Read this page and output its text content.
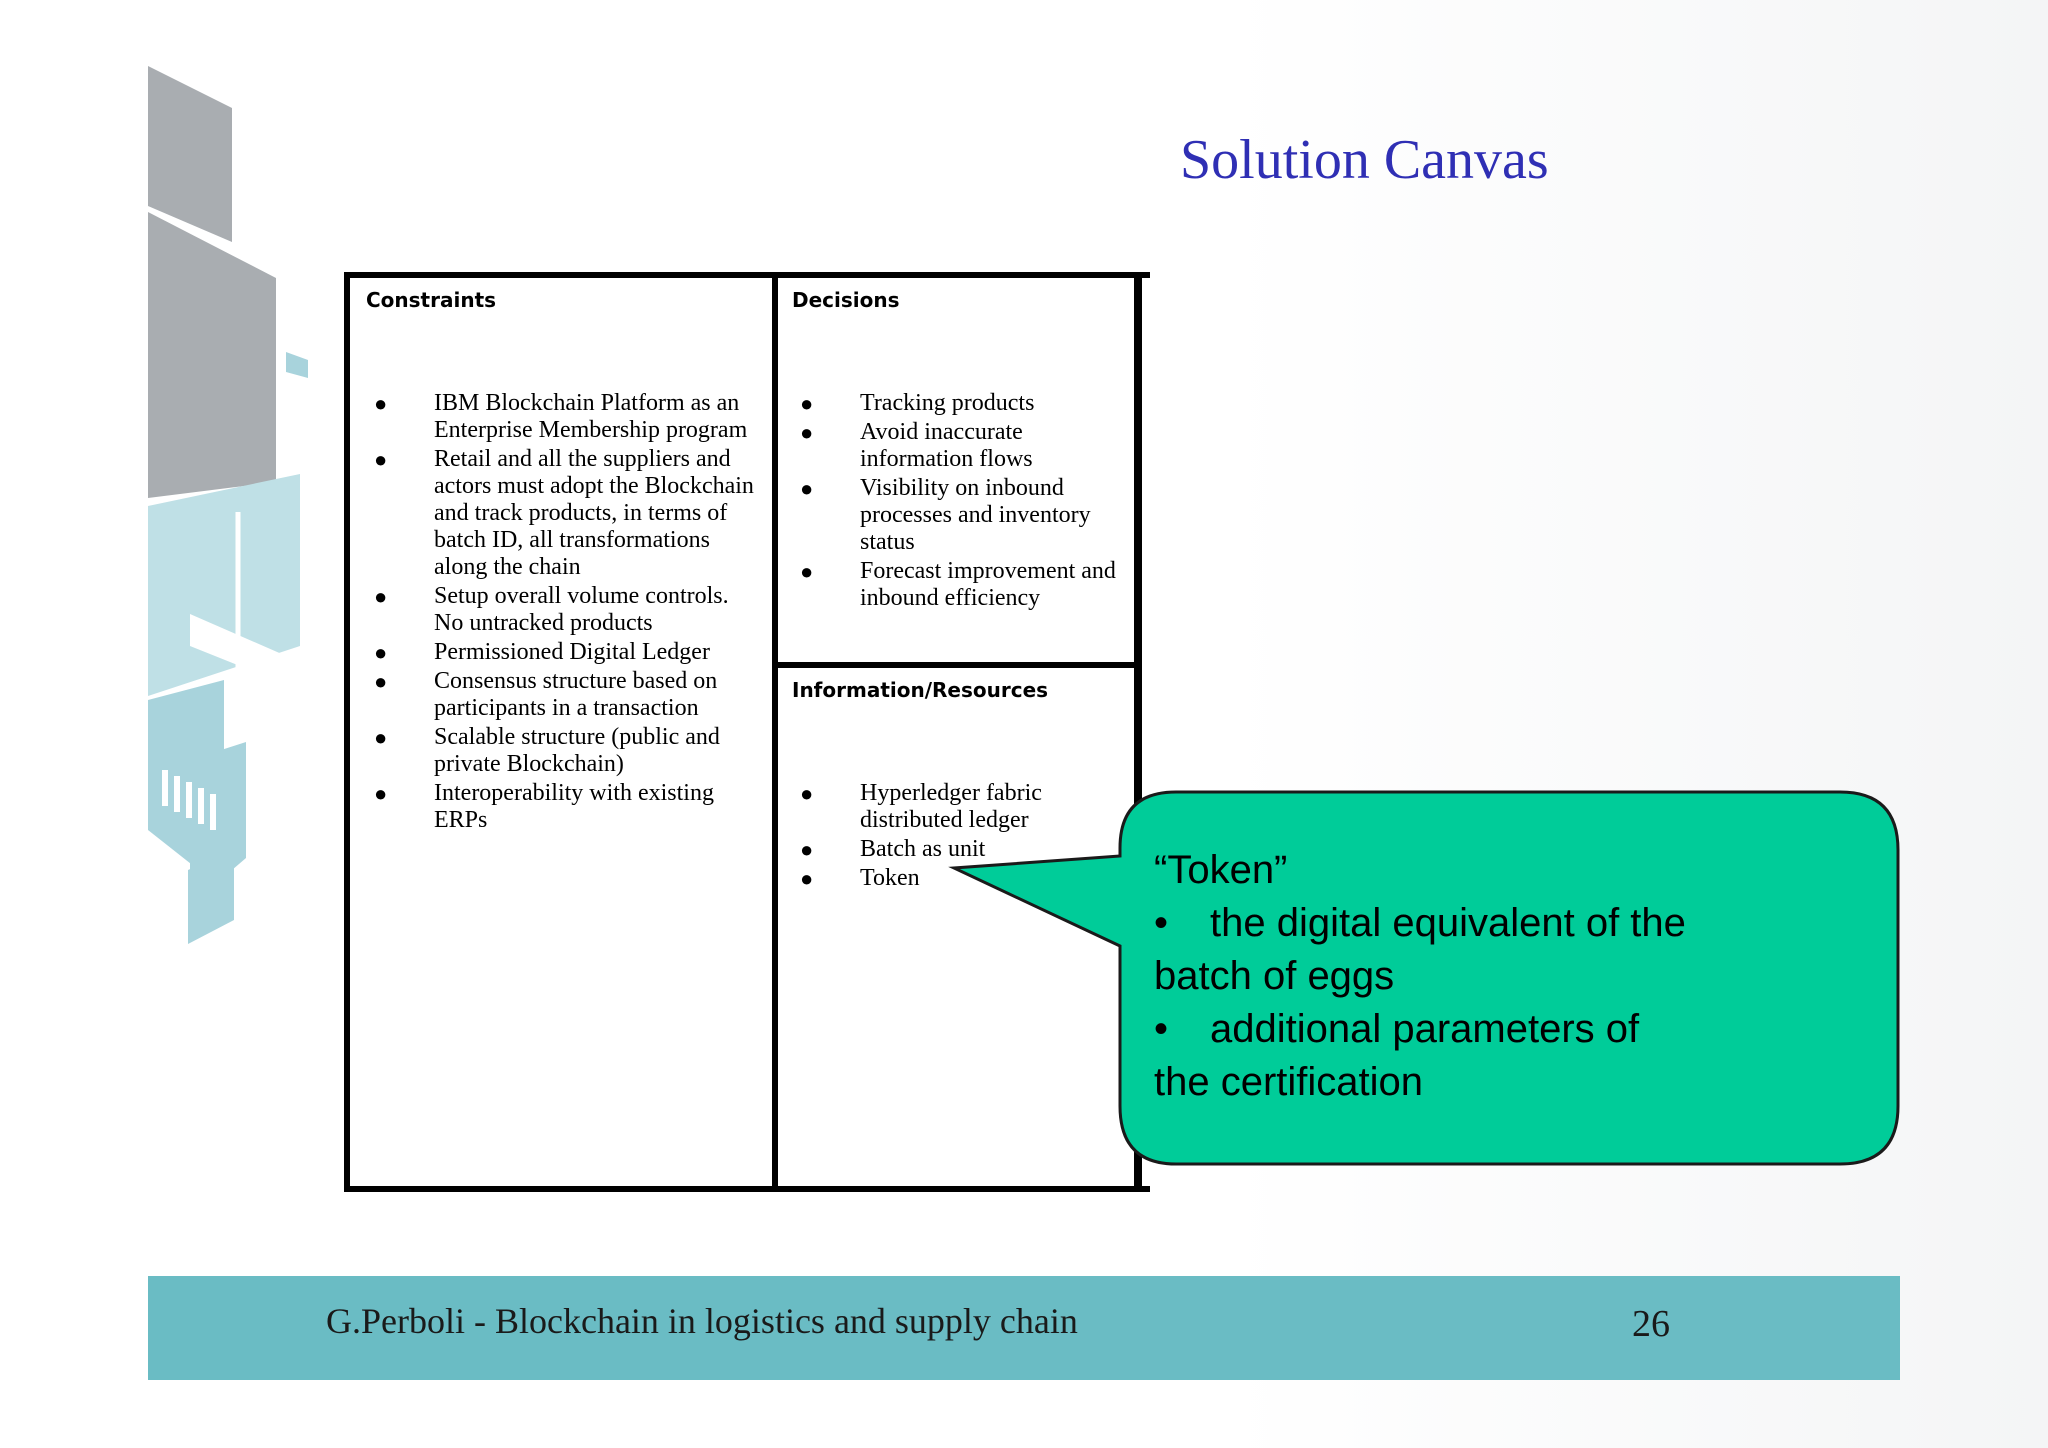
Solution Canvas
Constraints
● IBM Blockchain Platform as an Enterprise Membership program
● Retail and all the suppliers and actors must adopt the Blockchain and track products, in terms of batch ID, all transformations along the chain
● Setup overall volume controls. No untracked products
● Permissioned Digital Ledger
● Consensus structure based on participants in a transaction
● Scalable structure (public and private Blockchain)
● Interoperability with existing ERPs
Decisions
● Tracking products
● Avoid inaccurate information flows
● Visibility on inbound processes and inventory status
● Forecast improvement and inbound efficiency
Information/Resources
● Hyperledger fabric distributed ledger
● Batch as unit
● Token	“Token”
• the digital equivalent of the
batch of eggs
• additional parameters of
the certification
G.Perboli - Blockchain in logistics and supply chain	26
